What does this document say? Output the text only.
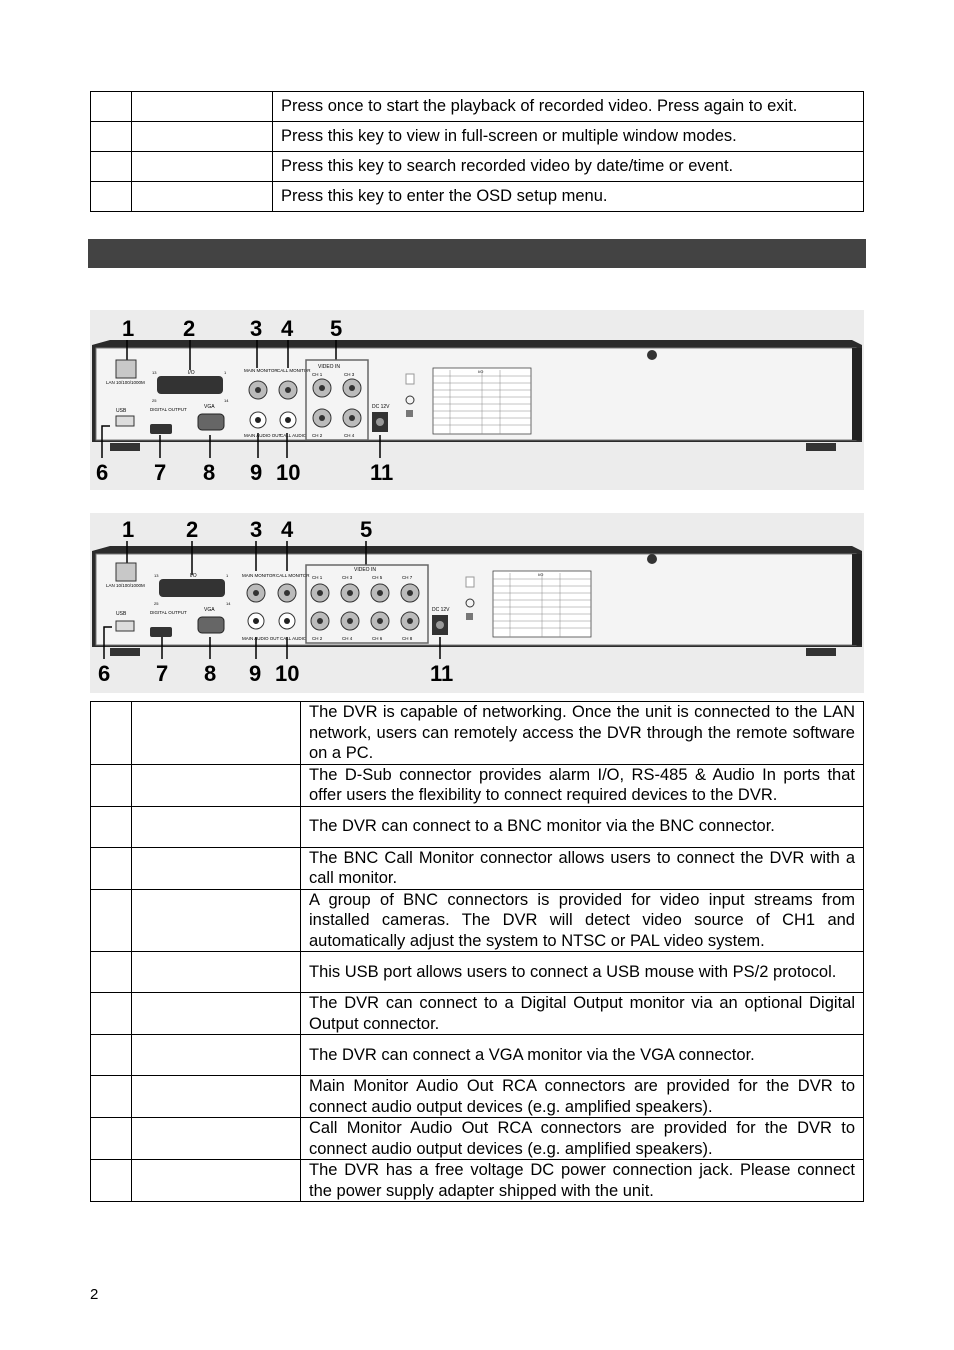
		Press once to start the playback of recorded video. Press again to exit.
		Press this key to view in full-screen or multiple window modes.
		Press this key to search recorded video by date/time or event.
		Press this key to enter the OSD setup menu.
1 2 3 4 5
6 7 8 9 10	11
LAN 10/100/1000M
I/O
13	1
25	14
USB	DIGITAL OUTPUT	VGA
MAIN MONITOR CALL MONITOR
MAIN AUDIO OUT
CALL AUDIO
VIDEO IN
CH 1	CH 3
CH 2	CH 4
DC 12V
I/O
1 2 3 4	5
6 7 8 9 10	11
LAN 10/100/1000M
I/O
13	1
25	14
USB	DIGITAL OUTPUT	VGA
MAIN MONITOR CALL MONITOR
MAIN AUDIO OUT CALL AUDIO
VIDEO IN
CH 1	CH 3	CH 5	CH 7
CH 2	CH 4	CH 6	CH 8
DC 12V
I/O
		The DVR is capable of networking. Once the unit is connected to the LAN network, users can remotely access the DVR through the remote software on a PC.
		The D-Sub connector provides alarm I/O, RS-485 & Audio In ports that offer users the flexibility to connect required devices to the DVR.
		The DVR can connect to a BNC monitor via the BNC connector.
		The BNC Call Monitor connector allows users to connect the DVR with a call monitor.
		A group of BNC connectors is provided for video input streams from installed cameras. The DVR will detect video source of CH1 and automatically adjust the system to NTSC or PAL video system.
		This USB port allows users to connect a USB mouse with PS/2 protocol.
		The DVR can connect to a Digital Output monitor via an optional Digital Output connector.
		The DVR can connect a VGA monitor via the VGA connector.
		Main Monitor Audio Out RCA connectors are provided for the DVR to connect audio output devices (e.g. amplified speakers).
		Call Monitor Audio Out RCA connectors are provided for the DVR to connect audio output devices (e.g. amplified speakers).
		The DVR has a free voltage DC power connection jack. Please connect the power supply adapter shipped with the unit.
2
